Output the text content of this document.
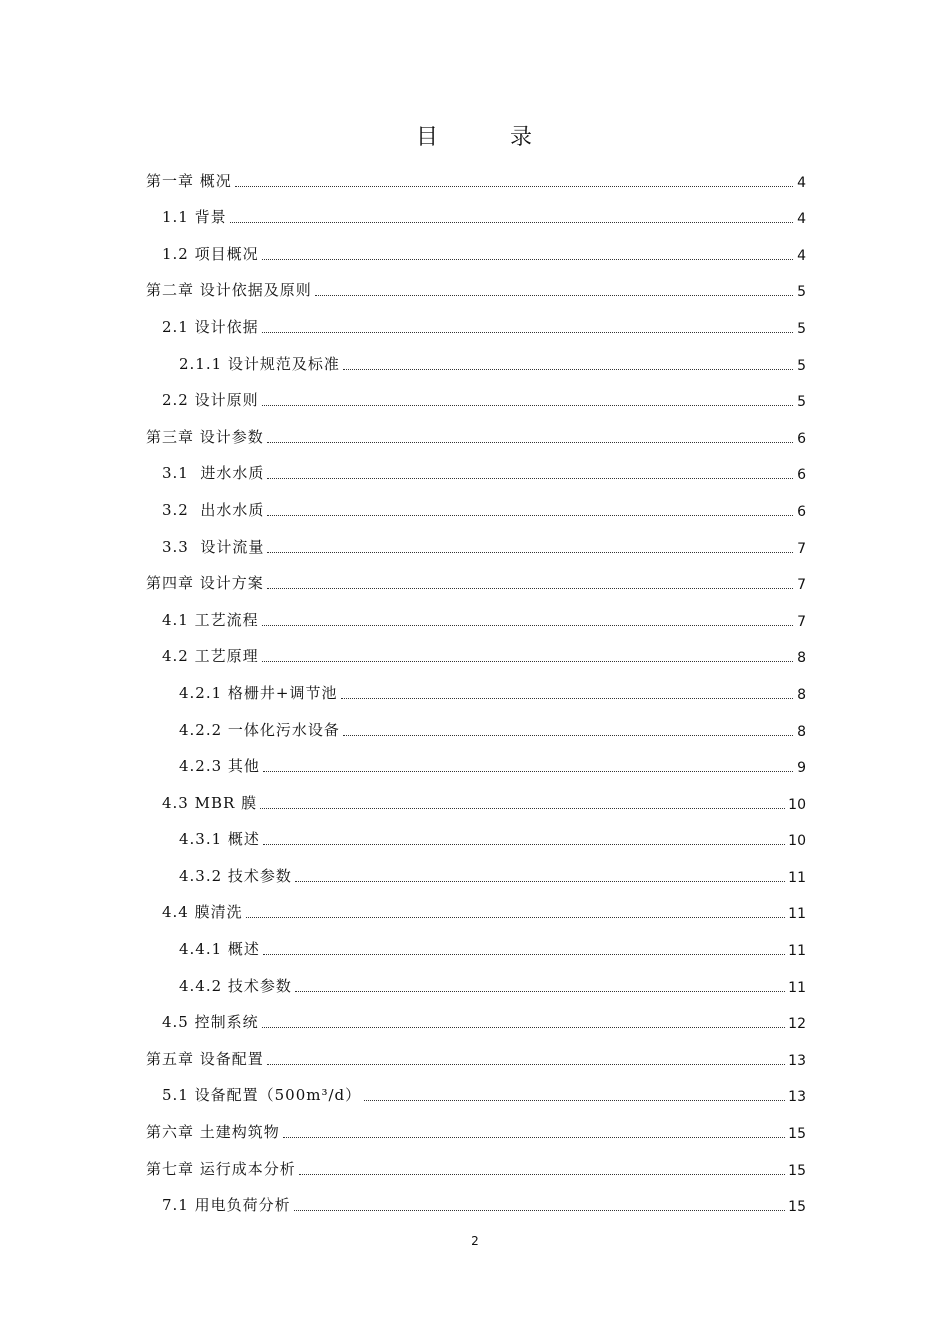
目	录
第一章 概况	4
1.1 背景	4
1.2 项目概况	4
第二章 设计依据及原则	5
2.1 设计依据	5
2.1.1 设计规范及标准	5
2.2 设计原则	5
第三章 设计参数	6
3.1  进水水质	6
3.2  出水水质	6
3.3  设计流量	7
第四章 设计方案	7
4.1 工艺流程	7
4.2 工艺原理	8
4.2.1 格栅井+调节池	8
4.2.2 一体化污水设备	8
4.2.3 其他	9
4.3 MBR 膜	10
4.3.1 概述	10
4.3.2 技术参数	11
4.4 膜清洗	11
4.4.1 概述	11
4.4.2 技术参数	11
4.5 控制系统	12
第五章 设备配置	13
5.1 设备配置（500m³/d）	13
第六章 土建构筑物	15
第七章 运行成本分析	15
7.1 用电负荷分析	15
2
